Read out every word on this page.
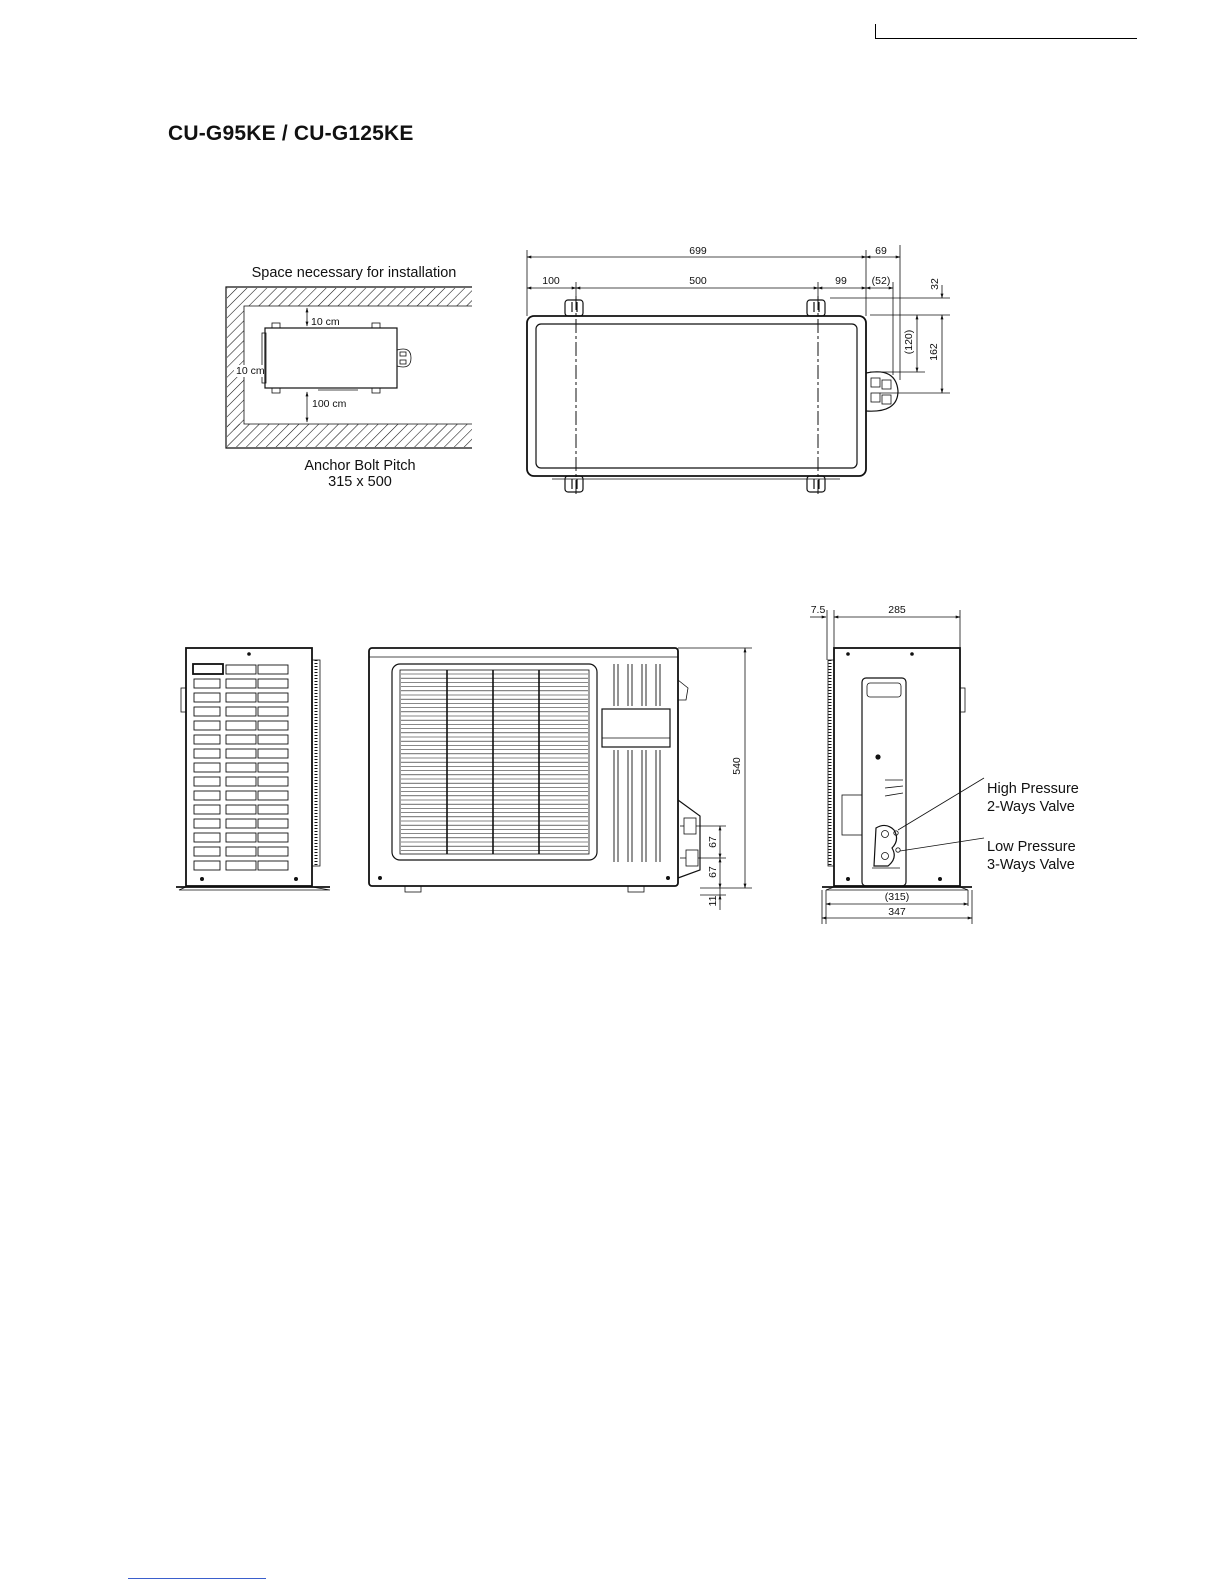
CU-G95KE / CU-G125KE
Space necessary for installation
10 cm
10 cm
100 cm
Anchor Bolt Pitch
315 x 500
699	69
100	500	99 (52)	32
(120) 162
540
67
67
11
7.5	285
High Pressure
2-Ways Valve
Low Pressure
3-Ways Valve
(315)
347
